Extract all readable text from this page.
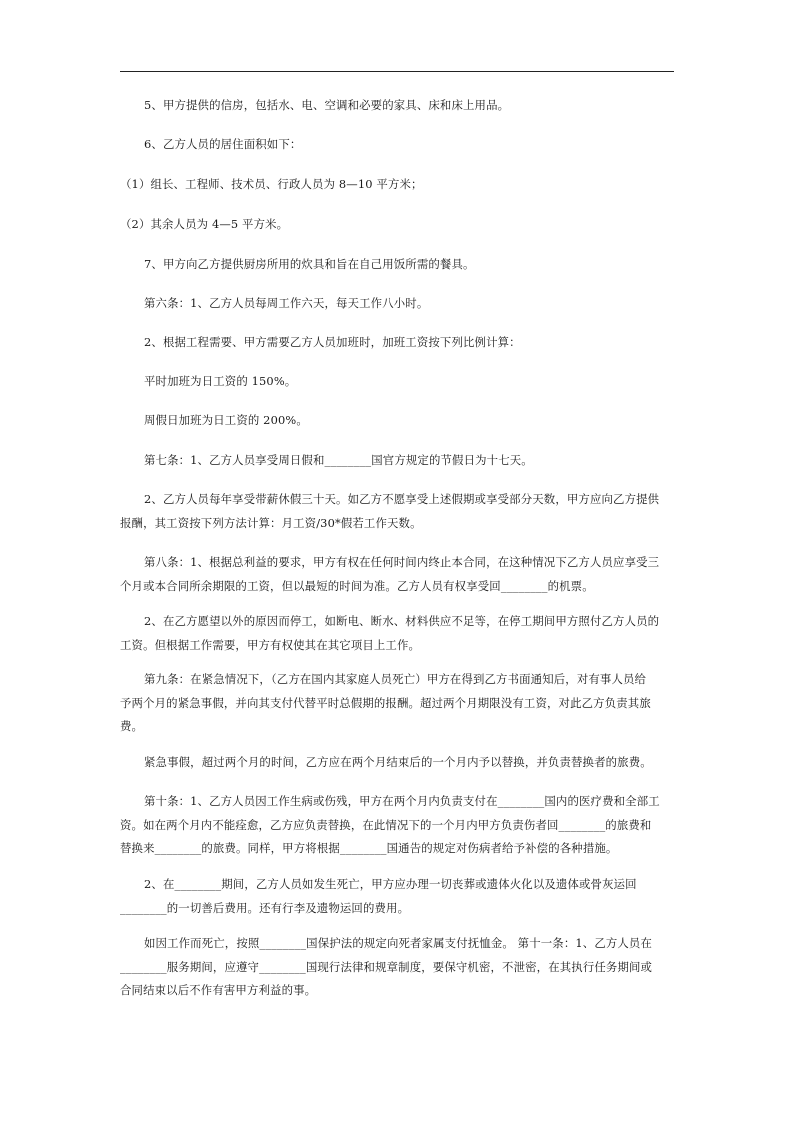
5、甲方提供的信房，包括水、电、空调和必要的家具、床和床上用品。

6、乙方人员的居住面积如下：

（1）组长、工程师、技术员、行政人员为 8—10 平方米；

（2）其余人员为 4—5 平方米。

7、甲方向乙方提供厨房所用的炊具和旨在自己用饭所需的餐具。

第六条：1、乙方人员每周工作六天，每天工作八小时。

2、根据工程需要、甲方需要乙方人员加班时，加班工资按下列比例计算：

平时加班为日工资的 150%。

周假日加班为日工资的 200%。

第七条：1、乙方人员享受周日假和________国官方规定的节假日为十七天。

2、乙方人员每年享受带薪休假三十天。如乙方不愿享受上述假期或享受部分天数，甲方应向乙方提供
报酬，其工资按下列方法计算：月工资/30*假若工作天数。
第八条：1、根据总利益的要求，甲方有权在任何时间内终止本合同，在这种情况下乙方人员应享受三
个月或本合同所余期限的工资，但以最短的时间为准。乙方人员有权享受回________的机票。
2、在乙方愿望以外的原因而停工，如断电、断水、材料供应不足等，在停工期间甲方照付乙方人员的
工资。但根据工作需要，甲方有权使其在其它项目上工作。
第九条：在紧急情况下，（乙方在国内其家庭人员死亡）甲方在得到乙方书面通知后，对有事人员给
予两个月的紧急事假，并向其支付代替平时总假期的报酬。超过两个月期限没有工资，对此乙方负责其旅
费。
紧急事假，超过两个月的时间，乙方应在两个月结束后的一个月内予以替换，并负责替换者的旅费。
第十条：1、乙方人员因工作生病或伤残，甲方在两个月内负责支付在________国内的医疗费和全部工
资。如在两个月内不能痊愈，乙方应负责替换，在此情况下的一个月内甲方负责伤者回________的旅费和
替换来________的旅费。同样，甲方将根据________国通告的规定对伤病者给予补偿的各种措施。
2、在________期间，乙方人员如发生死亡，甲方应办理一切丧葬或遗体火化以及遗体或骨灰运回
________的一切善后费用。还有行李及遗物运回的费用。
如因工作而死亡，按照________国保护法的规定向死者家属支付抚恤金。 第十一条：1、乙方人员在
________服务期间，应遵守________国现行法律和规章制度，要保守机密，不泄密，在其执行任务期间或
合同结束以后不作有害甲方利益的事。
